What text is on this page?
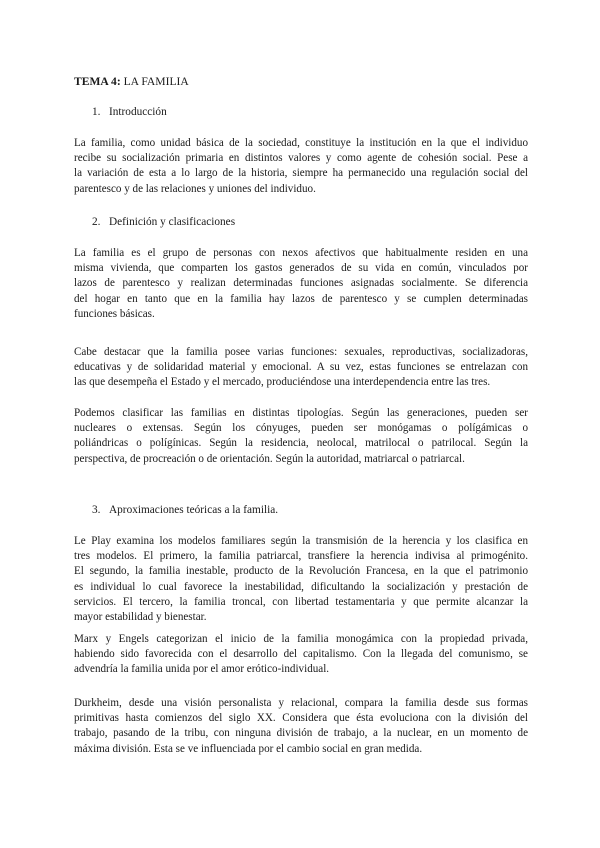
TEMA 4: LA FAMILIA
1. Introducción
La familia, como unidad básica de la sociedad, constituye la institución en la que el individuo
recibe su socialización primaria en distintos valores y como agente de cohesión social. Pese a
la variación de esta a lo largo de la historia, siempre ha permanecido una regulación social del
parentesco y de las relaciones y uniones del individuo.
2. Definición y clasificaciones
La familia es el grupo de personas con nexos afectivos que habitualmente residen en una
misma vivienda, que comparten los gastos generados de su vida en común, vinculados por
lazos de parentesco y realizan determinadas funciones asignadas socialmente. Se diferencia
del hogar en tanto que en la familia hay lazos de parentesco y se cumplen determinadas
funciones básicas.
Cabe destacar que la familia posee varias funciones: sexuales, reproductivas, socializadoras,
educativas y de solidaridad material y emocional. A su vez, estas funciones se entrelazan con
las que desempeña el Estado y el mercado, produciéndose una interdependencia entre las tres.
Podemos clasificar las familias en distintas tipologías. Según las generaciones, pueden ser
nucleares o extensas. Según los cónyuges, pueden ser monógamas o polígámicas o
poliándricas o polígínicas. Según la residencia, neolocal, matrilocal o patrilocal. Según la
perspectiva, de procreación o de orientación. Según la autoridad, matriarcal o patriarcal.
3. Aproximaciones teóricas a la familia.
Le Play examina los modelos familiares según la transmisión de la herencia y los clasifica en
tres modelos. El primero, la familia patriarcal, transfiere la herencia indivisa al primogénito.
El segundo, la familia inestable, producto de la Revolución Francesa, en la que el patrimonio
es individual lo cual favorece la inestabilidad, dificultando la socialización y prestación de
servicios. El tercero, la familia troncal, con libertad testamentaria y que permite alcanzar la
mayor estabilidad y bienestar.
Marx y Engels categorizan el inicio de la familia monogámica con la propiedad privada,
habiendo sido favorecida con el desarrollo del capitalismo. Con la llegada del comunismo, se
advendría la familia unida por el amor erótico-individual.
Durkheim, desde una visión personalista y relacional, compara la familia desde sus formas
primitivas hasta comienzos del siglo XX. Considera que ésta evoluciona con la división del
trabajo, pasando de la tribu, con ninguna división de trabajo, a la nuclear, en un momento de
máxima división. Esta se ve influenciada por el cambio social en gran medida.
